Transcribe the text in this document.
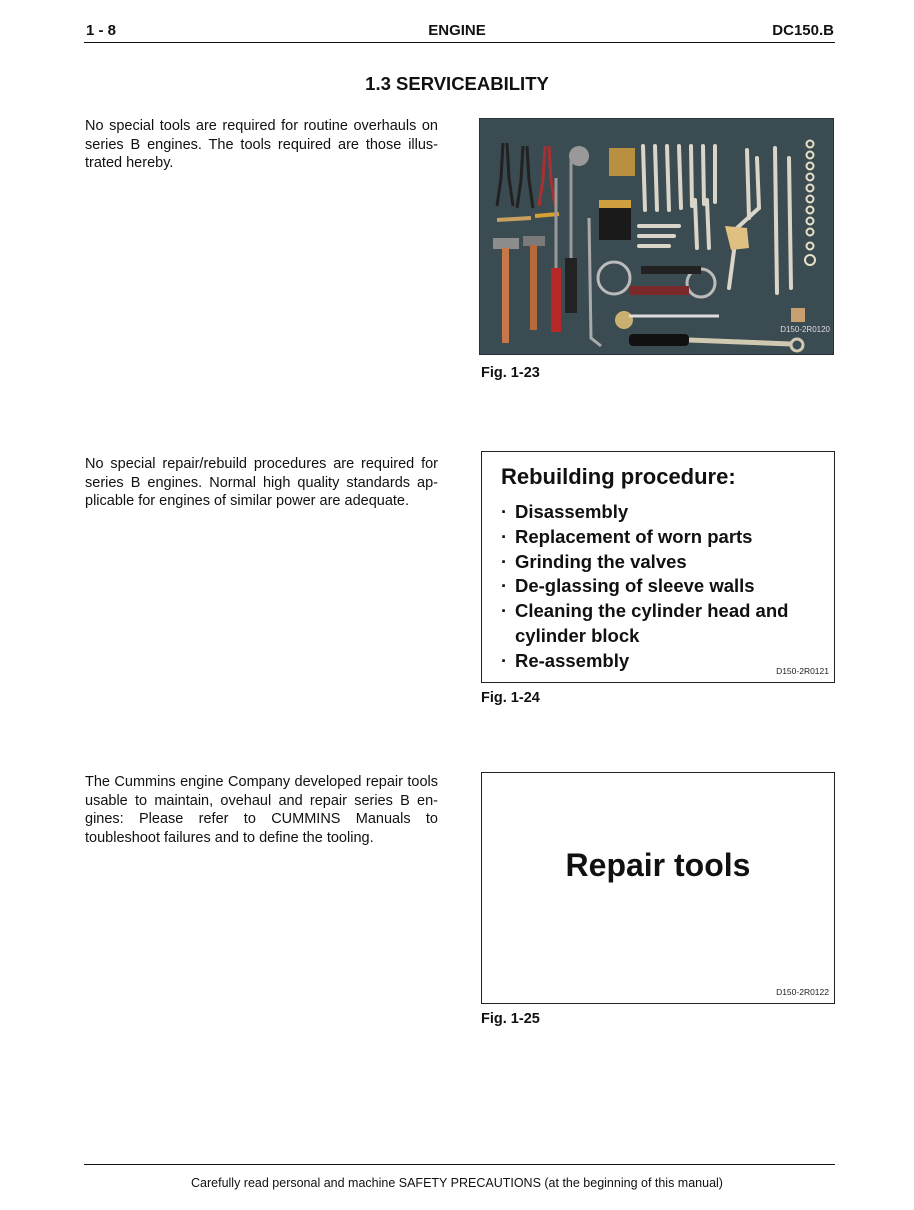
1 - 8	ENGINE	DC150.B
1.3 SERVICEABILITY

No special tools are required for routine overhauls on
series B engines. The tools required are those illus-
trated hereby.

D150-2R0120
Fig. 1-23

No special repair/rebuild procedures are required for
series B engines. Normal high quality standards ap-
plicable for engines of similar power are adequate.

Rebuilding procedure:
· Disassembly
· Replacement of worn parts
· Grinding the valves
· De-glassing of sleeve walls
· Cleaning the cylinder head and cylinder block
· Re-assembly
D150-2R0121
Fig. 1-24

The Cummins engine Company developed repair tools
usable to maintain, ovehaul and repair series B en-
gines: Please refer to CUMMINS Manuals to
toubleshoot failures and to define the tooling.

Repair tools
D150-2R0122
Fig. 1-25
Carefully read personal and machine SAFETY PRECAUTIONS (at the beginning of this manual)
